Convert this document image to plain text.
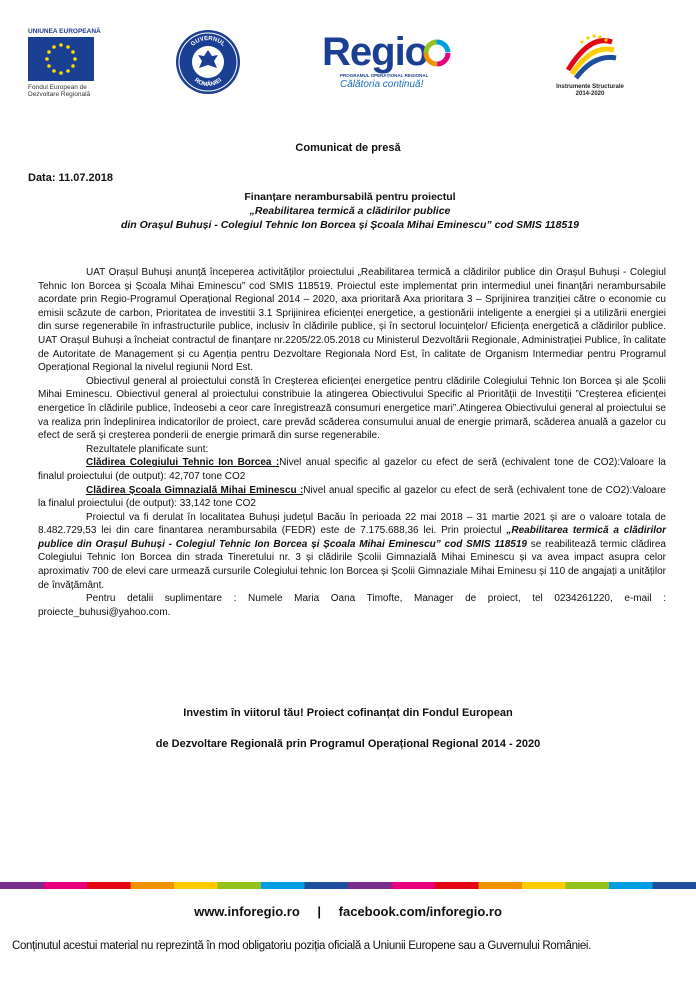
UNIUNEA EUROPEANĂ
Fondul European de
Dezvoltare Regională
GUVERNUL
ROMÂNIEI
Regio
PROGRAMUL OPERAȚIONAL REGIONAL
Călătoria continuă!	Instrumente Structurale
2014-2020
Comunicat de presă
Data: 11.07.2018
Finanțare nerambursabilă pentru proiectul
„Reabilitarea termică a clădirilor publice
din Orașul Buhuși - Colegiul Tehnic Ion Borcea și Școala Mihai Eminescu” cod SMIS 118519

UAT Orașul Buhuși anunță începerea activităților proiectului „Reabilitarea termică a clădirilor publice din Orașul Buhuși - Colegiul Tehnic Ion Borcea și Școala Mihai Eminescu” cod SMIS 118519. Proiectul este implementat prin intermediul unei finanțări nerambursabile acordate prin Regio-Programul Operațional Regional 2014 – 2020, axa prioritară Axa prioritara 3 – Sprijinirea tranziției către o economie cu emisii scăzute de carbon, Prioritatea de investitii 3.1 Sprijinirea eficienței energetice, a gestionării inteligente a energiei și a utilizării energiei din surse regenerabile în infrastructurile publice, inclusiv în clădirile publice, și în sectorul locuințelor/ Eficiența energetică a clădirilor publice. UAT Orașul Buhuși a încheiat contractul de finanțare nr.2205/22.05.2018 cu Ministerul Dezvoltării Regionale, Administrației Publice, în calitate de Autoritate de Management și cu Agenția pentru Dezvoltare Regionala Nord Est, în calitate de Organism Intermediar pentru Programul Operațional Regional la nivelul regiunii Nord Est.

Obiectivul general al proiectului constă în Creșterea eficienței energetice pentru clădirile Colegiului Tehnic Ion Borcea și ale Școlii Mihai Eminescu. Obiectivul general al proiectului constribuie la atingerea Obiectivului Specific al Priorității de Investiții ”Creșterea eficienței energetice în clădirile publice, îndeosebi a ceor care înregistrează consumuri energetice mari”.Atingerea Obiectivului general al proiectului se va realiza prin îndeplinirea indicatorilor de proiect, care prevăd scăderea consumului anual de energie primară, scăderea anuală a gazelor cu efect de seră și creșterea ponderii de energie primară din surse regenerabile.

Rezultatele planificate sunt:

Clădirea Colegiului Tehnic Ion Borcea :Nivel anual specific al gazelor cu efect de seră (echivalent tone de CO2):Valoare la finalul proiectului (de output): 42,707 tone CO2

Clădirea Școala Gimnazială Mihai Eminescu :Nivel anual specific al gazelor cu efect de seră (echivalent tone de CO2):Valoare la finalul proiectului (de output): 33,142 tone CO2

Proiectul va fi derulat în localitatea Buhuși județul Bacău în perioada 22 mai 2018 – 31 martie 2021 și are o valoare totala de 8.482.729,53 lei din care finantarea nerambursabila (FEDR) este de 7.175.688,36 lei. Prin proiectul „Reabilitarea termică a clădirilor publice din Orașul Buhuși - Colegiul Tehnic Ion Borcea și Școala Mihai Eminescu” cod SMIS 118519 se reabilitează termic clădirea Colegiului Tehnic Ion Borcea din strada Tineretului nr. 3 și clădirile Școlii Gimnazială Mihai Eminescu și va avea impact asupra celor aproximativ 700 de elevi care urmează cursurile Colegiului tehnic Ion Borcea și Școlii Gimnaziale Mihai Eminesu și 110 de angajați a unităților de învățământ.

Pentru detalii suplimentare : Numele Maria Oana Timofte, Manager de proiect, tel 0234261220, e-mail : proiecte_buhusi@yahoo.com.

Investim în viitorul tău! Proiect cofinanțat din Fondul European
de Dezvoltare Regională prin Programul Operațional Regional 2014 - 2020
www.inforegio.ro | facebook.com/inforegio.ro
Conținutul acestui material nu reprezintă în mod obligatoriu poziția oficială a Uniunii Europene sau a Guvernului României.
